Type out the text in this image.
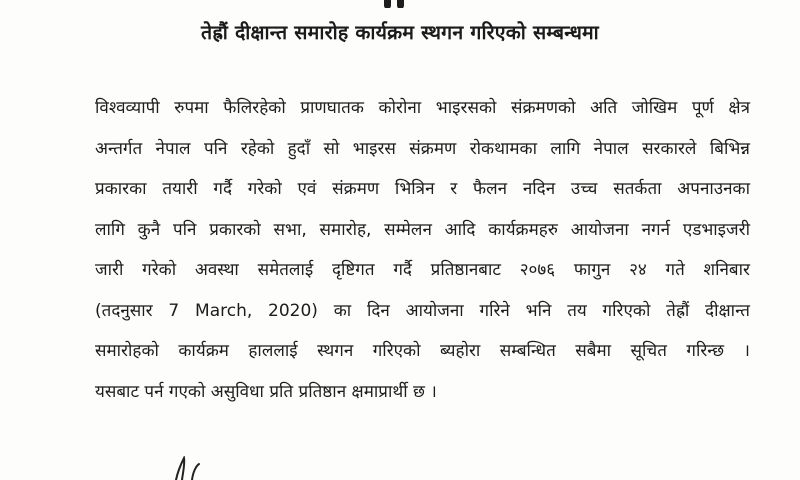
तेह्रौं दीक्षान्त समारोह कार्यक्रम स्थगन गरिएको सम्बन्धमा
विश्वव्यापी रुपमा फैलिरहेको प्राणघातक कोरोना भाइरसको संक्रमणको अति जोखिम पूर्ण क्षेत्र
अन्तर्गत नेपाल पनि रहेको हुदाँ सो भाइरस संक्रमण रोकथामका लागि नेपाल सरकारले बिभिन्न
प्रकारका तयारी गर्दै गरेको एवं संक्रमण भित्रिन र फैलन नदिन उच्च सतर्कता अपनाउनका
लागि कुनै पनि प्रकारको सभा, समारोह, सम्मेलन आदि कार्यक्रमहरु आयोजना नगर्न एडभाइजरी
जारी गरेको अवस्था समेतलाई दृष्टिगत गर्दै प्रतिष्ठानबाट २०७६ फागुन २४ गते शनिबार
(तदनुसार 7 March, 2020) का दिन आयोजना गरिने भनि तय गरिएको तेह्रौं दीक्षान्त
समारोहको कार्यक्रम हाललाई स्थगन गरिएको ब्यहोरा सम्बन्धित सबैमा सूचित गरिन्छ ।
यसबाट पर्न गएको असुविधा प्रति प्रतिष्ठान क्षमाप्रार्थी छ ।
